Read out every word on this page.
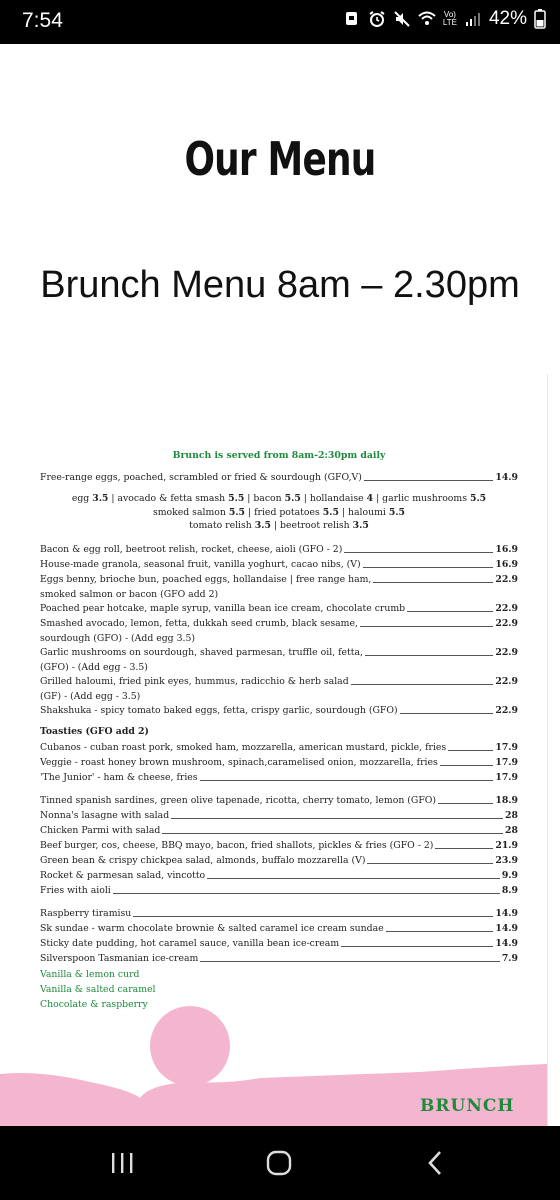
7:54	Vo)
LTE 42%
Our Menu
Brunch Menu 8am – 2.30pm
Brunch is served from 8am-2:30pm daily
Free-range eggs, poached, scrambled or fried & sourdough (GFO,V)	14.9
egg 3.5 | avocado & fetta smash 5.5 | bacon 5.5 | hollandaise 4 | garlic mushrooms 5.5
smoked salmon 5.5 | fried potatoes 5.5 | haloumi 5.5
tomato relish 3.5 | beetroot relish 3.5
Bacon & egg roll, beetroot relish, rocket, cheese, aioli (GFO - 2)	16.9
House-made granola, seasonal fruit, vanilla yoghurt, cacao nibs, (V)	16.9
Eggs benny, brioche bun, poached eggs, hollandaise | free range ham,	22.9
smoked salmon or bacon (GFO add 2)
Poached pear hotcake, maple syrup, vanilla bean ice cream, chocolate crumb	22.9
Smashed avocado, lemon, fetta, dukkah seed crumb, black sesame,	22.9
sourdough (GFO) - (Add egg 3.5)
Garlic mushrooms on sourdough, shaved parmesan, truffle oil, fetta,	22.9
(GFO) - (Add egg - 3.5)
Grilled haloumi, fried pink eyes, hummus, radicchio & herb salad	22.9
(GF) - (Add egg - 3.5)
Shakshuka - spicy tomato baked eggs, fetta, crispy garlic, sourdough (GFO)	22.9
Toasties (GFO add 2)
Cubanos - cuban roast pork, smoked ham, mozzarella, american mustard, pickle, fries	17.9
Veggie - roast honey brown mushroom, spinach,caramelised onion, mozzarella, fries	17.9
'The Junior' - ham & cheese, fries	17.9
Tinned spanish sardines, green olive tapenade, ricotta, cherry tomato, lemon (GFO)	18.9
Nonna's lasagne with salad	28
Chicken Parmi with salad	28
Beef burger, cos, cheese, BBQ mayo, bacon, fried shallots, pickles & fries (GFO - 2)	21.9
Green bean & crispy chickpea salad, almonds, buffalo mozzarella (V)	23.9
Rocket & parmesan salad, vincotto	9.9
Fries with aioli	8.9
Raspberry tiramisu	14.9
Sk sundae - warm chocolate brownie & salted caramel ice cream sundae	14.9
Sticky date pudding, hot caramel sauce, vanilla bean ice-cream	14.9
Silverspoon Tasmanian ice-cream	7.9
Vanilla & lemon curd
Vanilla & salted caramel
Chocolate & raspberry
BRUNCH
